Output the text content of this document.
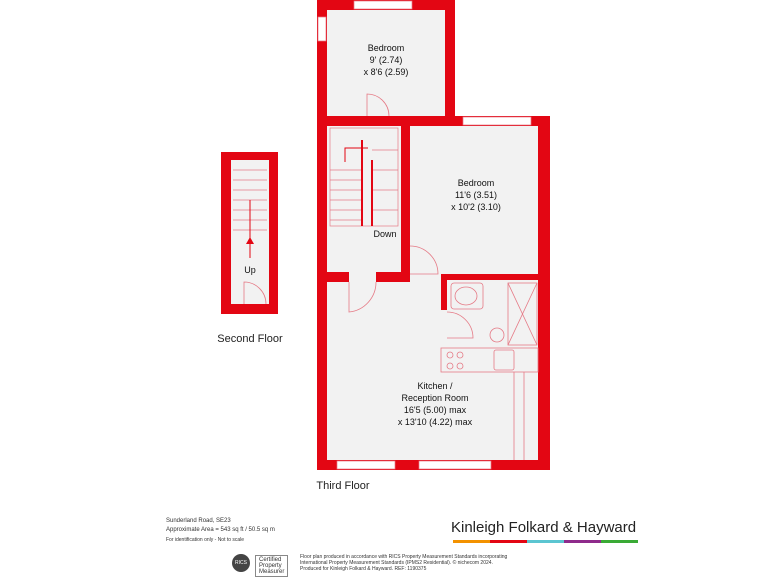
Bedroom
9' (2.74)
x 8'6 (2.59)
Bedroom
11'6 (3.51)
x 10'2 (3.10)
Kitchen /
Reception Room
16'5 (5.00) max
x 13'10 (4.22) max
Down
Up
Second Floor
Third Floor
Sunderland Road, SE23
Approximate Area = 543 sq ft / 50.5 sq m
For identification only - Not to scale
RICS	Certified
Property
Measurer
Floor plan produced in accordance with RICS Property Measurement Standards incorporating
International Property Measurement Standards (IPMS2 Residential). © nichecom 2024.
Produced for Kinleigh Folkard & Hayward. REF: 1190375
Kinleigh Folkard & Hayward
